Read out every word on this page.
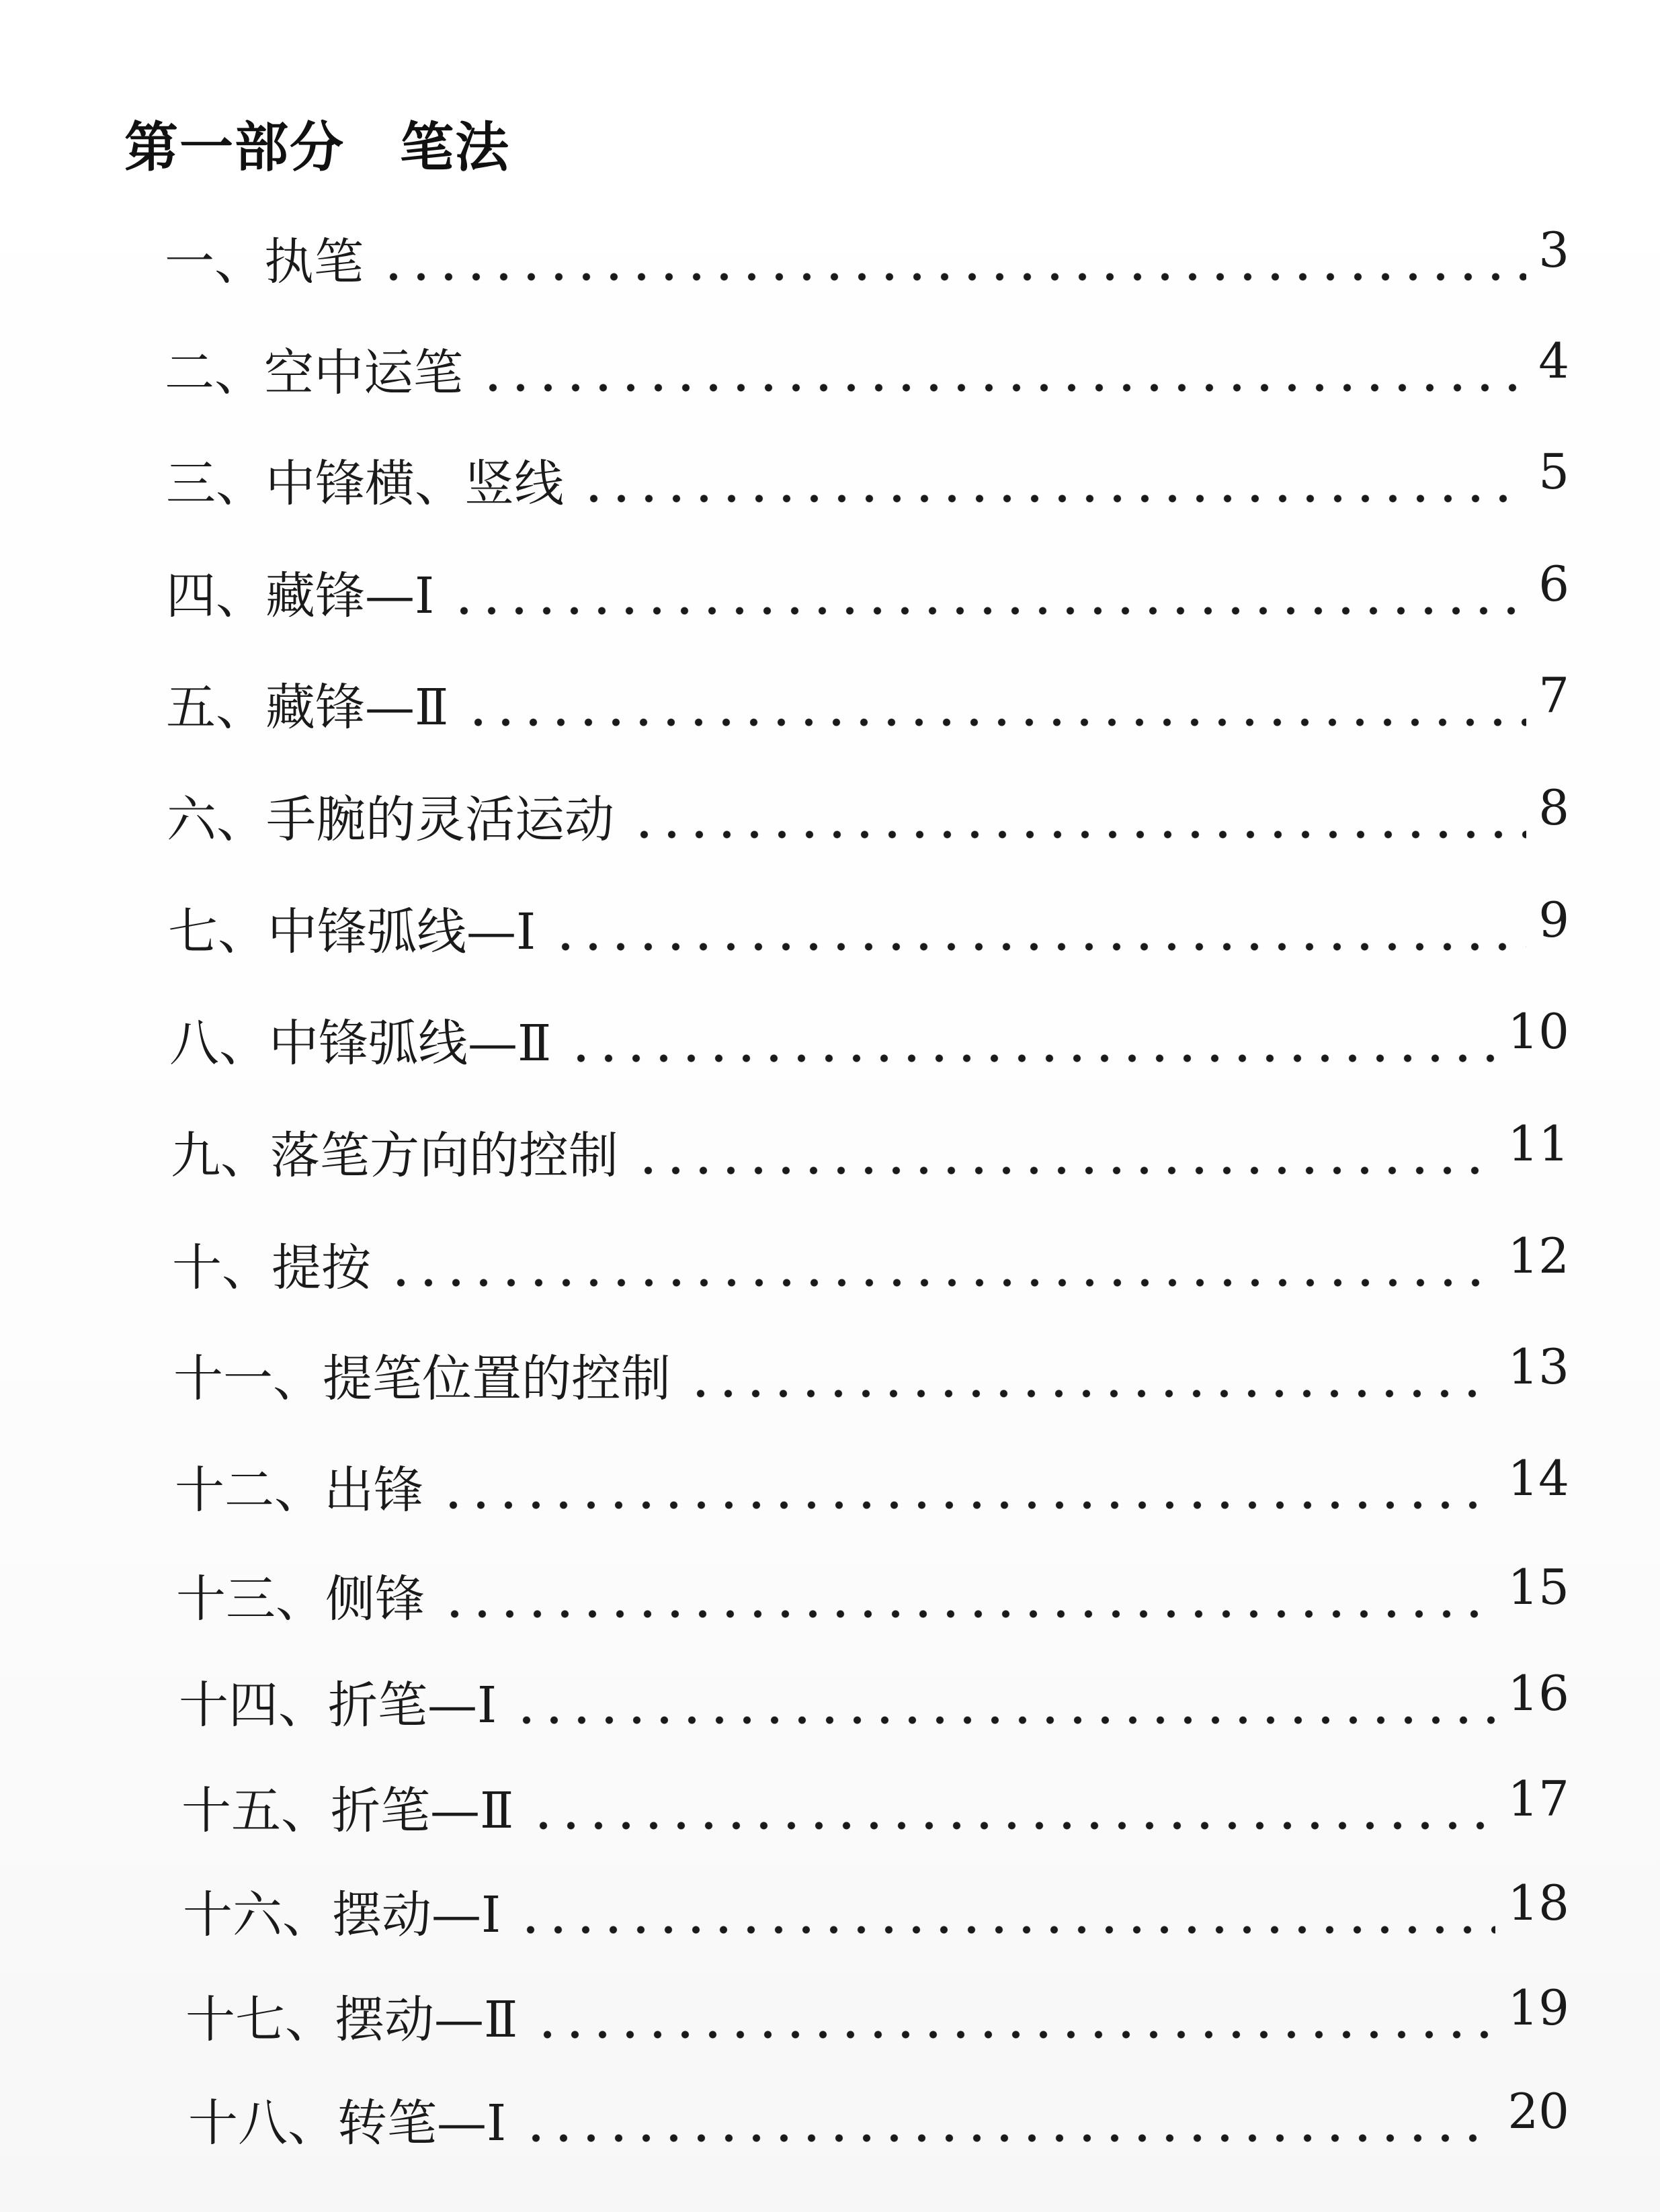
第一部分　笔法
一、执笔	3
二、空中运笔	4
三、中锋横、竖线	5
四、藏锋—Ⅰ	6
五、藏锋—Ⅱ	7
六、手腕的灵活运动	8
七、中锋弧线—Ⅰ	9
八、中锋弧线—Ⅱ	10
九、落笔方向的控制	11
十、提按	12
十一、提笔位置的控制	13
十二、出锋	14
十三、侧锋	15
十四、折笔—Ⅰ	16
十五、折笔—Ⅱ	17
十六、摆动—Ⅰ	18
十七、摆动—Ⅱ	19
十八、转笔—Ⅰ	20
